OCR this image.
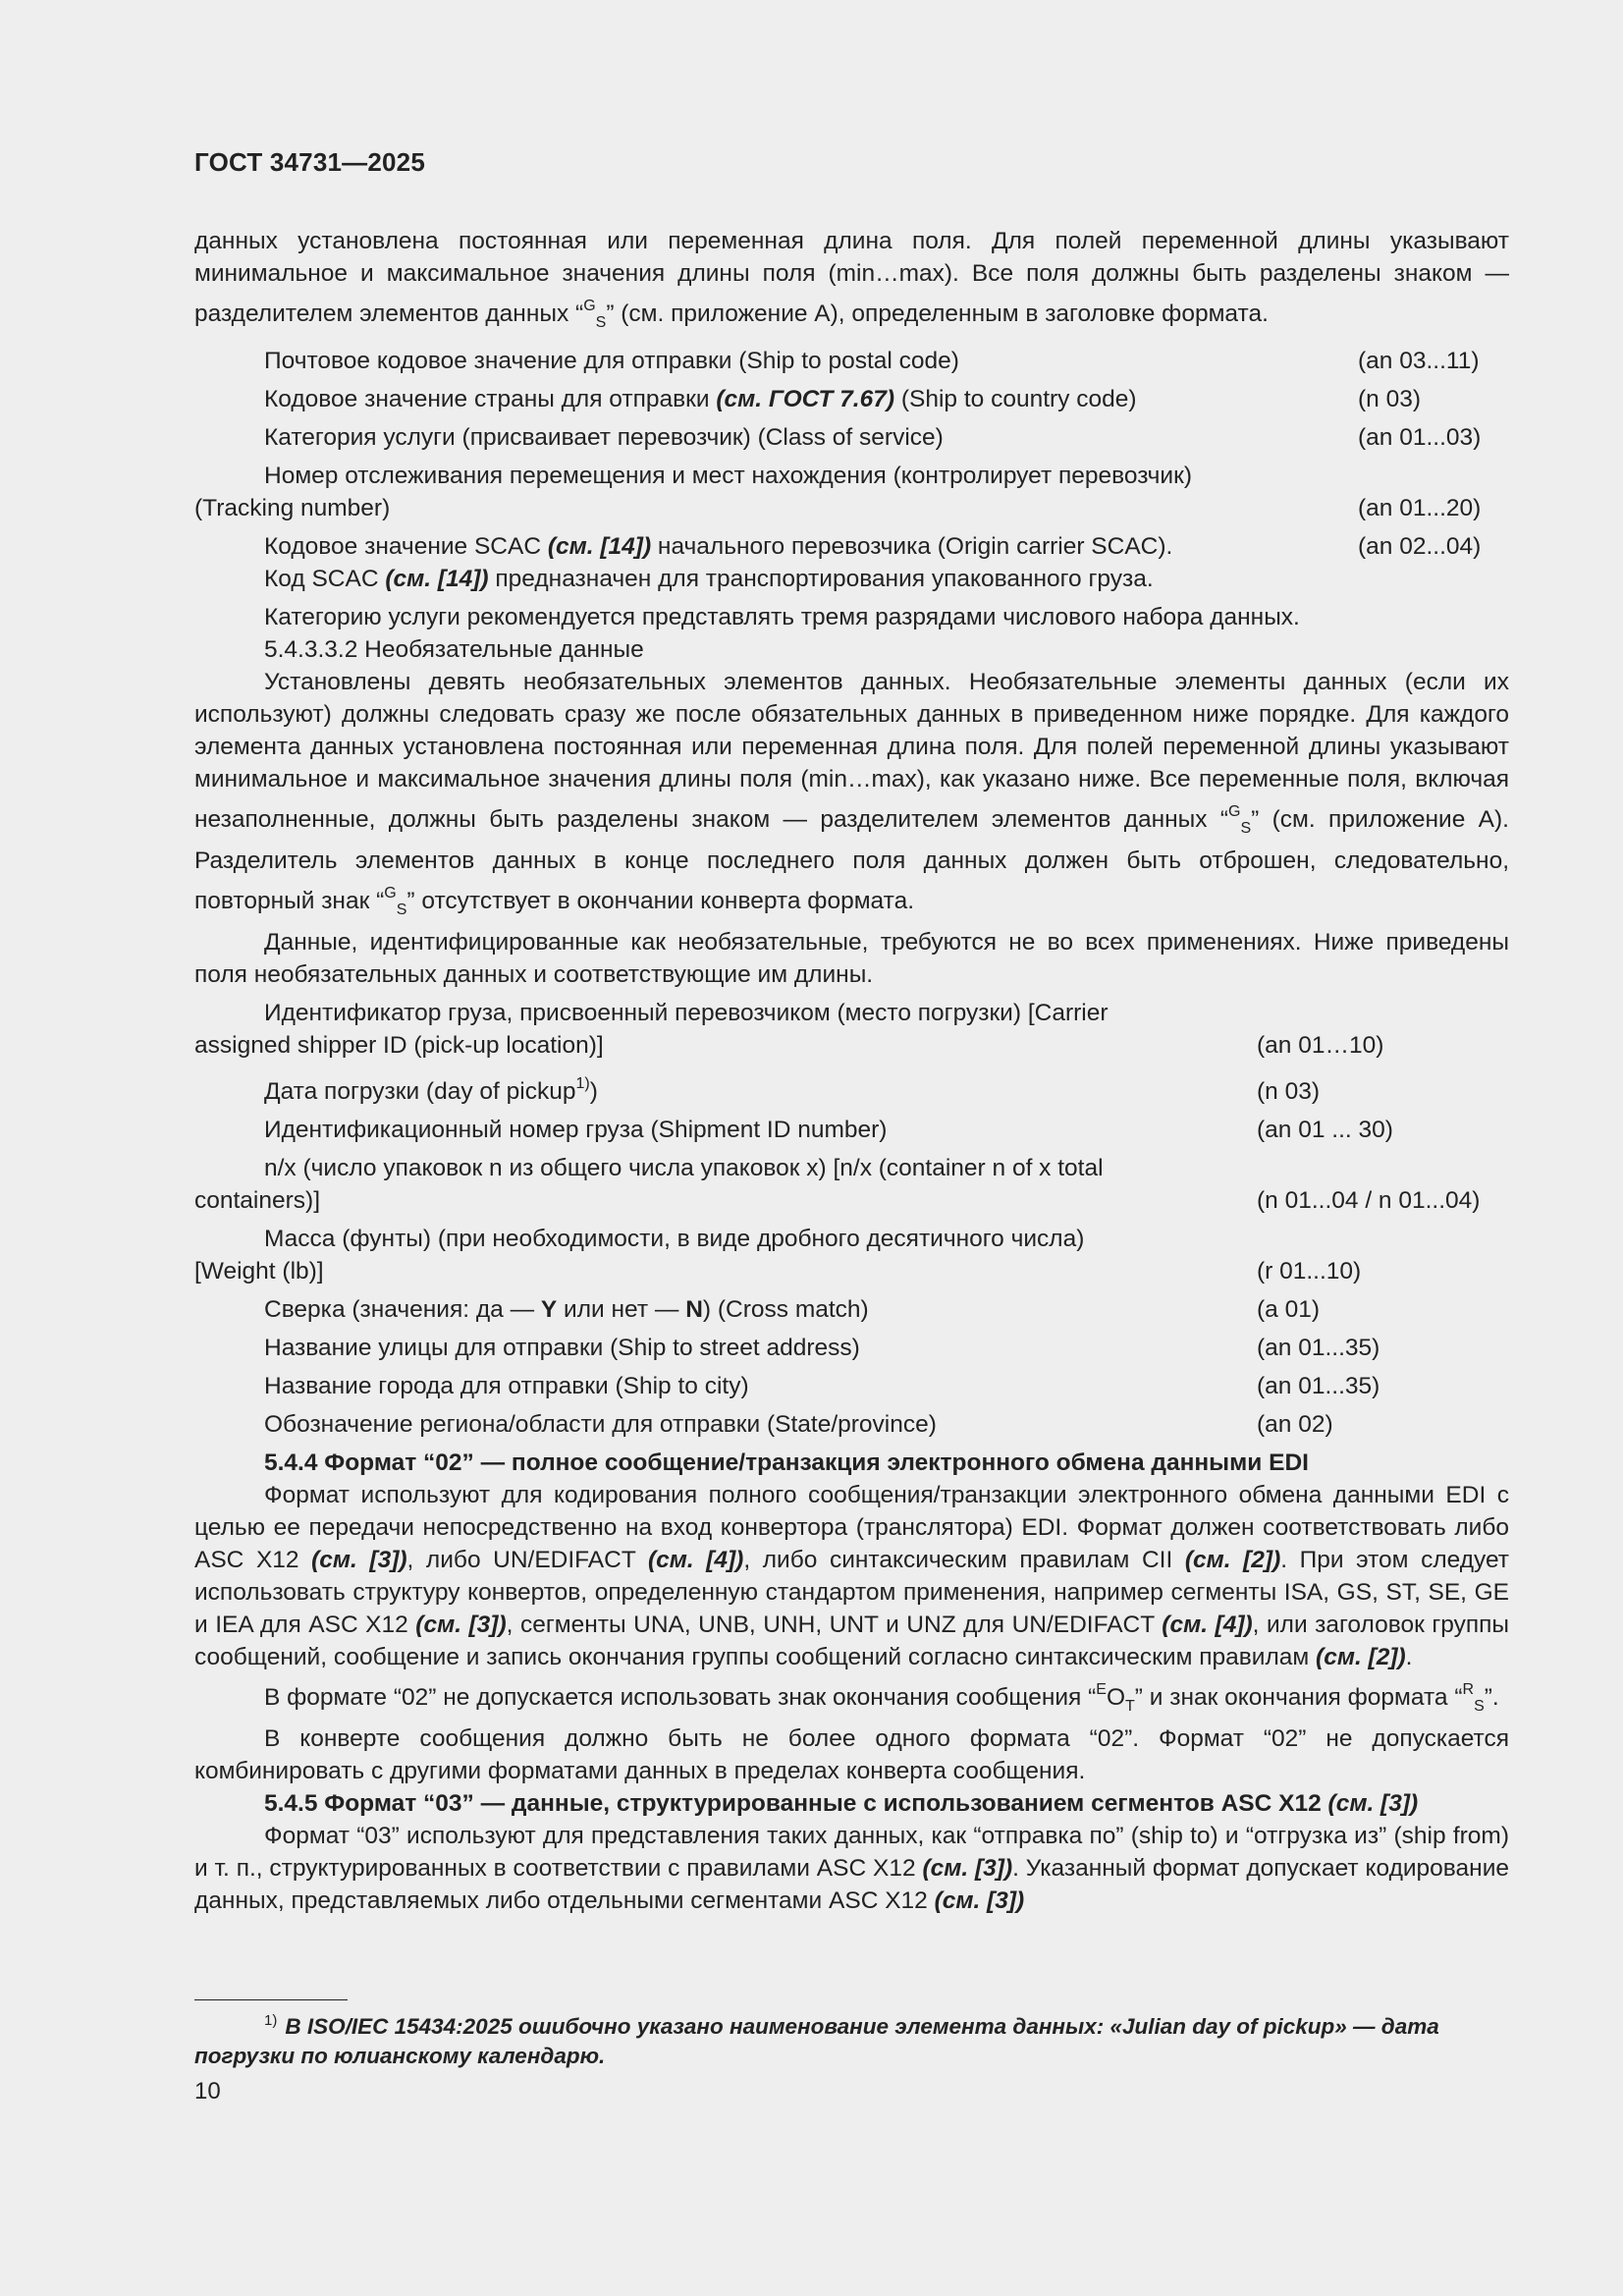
ГОСТ 34731—2025

данных установлена постоянная или переменная длина поля. Для полей переменной длины указывают минимальное и максимальное значения длины поля (min…max). Все поля должны быть разделены знаком — разделителем элементов данных “$^G_S$” (см. приложение А), определенным в заголовке формата.

Почтовое кодовое значение для отправки (Ship to postal code)	(an 03...11)
Кодовое значение страны для отправки (см. ГОСТ 7.67) (Ship to country code)	(n 03)
Категория услуги (присваивает перевозчик) (Class of service)	(an 01...03)
Номер отслеживания перемещения и мест нахождения (контролирует перевозчик)
(Tracking number)	(an 01...20)
Кодовое значение SCAC (см. [14]) начального перевозчика (Origin carrier SCAC).	(an 02...04)

Код SCAC (см. [14]) предназначен для транспортирования упакованного груза.

Категорию услуги рекомендуется представлять тремя разрядами числового набора данных.

5.4.3.3.2 Необязательные данные

Установлены девять необязательных элементов данных. Необязательные элементы данных (если их используют) должны следовать сразу же после обязательных данных в приведенном ниже порядке. Для каждого элемента данных установлена постоянная или переменная длина поля. Для полей переменной длины указывают минимальное и максимальное значения длины поля (min…max), как указано ниже. Все переменные поля, включая незаполненные, должны быть разделены знаком — разделителем элементов данных “$^G_S$” (см. приложение А). Разделитель элементов данных в конце последнего поля данных должен быть отброшен, следовательно, повторный знак “$^G_S$” отсутствует в окончании конверта формата.

Данные, идентифицированные как необязательные, требуются не во всех применениях. Ниже приведены поля необязательных данных и соответствующие им длины.

Идентификатор груза, присвоенный перевозчиком (место погрузки) [Carrier
assigned shipper ID (pick-up location)]	(an 01…10)
Дата погрузки (day of pickup$^{1)}$)	(n 03)
Идентификационный номер груза (Shipment ID number)	(an 01 ... 30)
n/x (число упаковок n из общего числа упаковок x) [n/x (container n of x total
containers)]	(n 01...04 / n 01...04)
Масса (фунты) (при необходимости, в виде дробного десятичного числа)
[Weight (lb)]	(r 01...10)
Сверка (значения: да — Y или нет — N) (Cross match)	(a 01)
Название улицы для отправки (Ship to street address)	(an 01...35)
Название города для отправки (Ship to city)	(an 01...35)
Обозначение региона/области для отправки (State/province)	(an 02)

5.4.4 Формат “02” — полное сообщение/транзакция электронного обмена данными EDI

Формат используют для кодирования полного сообщения/транзакции электронного обмена данными EDI с целью ее передачи непосредственно на вход конвертора (транслятора) EDI. Формат должен соответствовать либо ASC X12 (см. [3]), либо UN/EDIFACT (см. [4]), либо синтаксическим правилам CII (см. [2]). При этом следует использовать структуру конвертов, определенную стандартом применения, например сегменты ISA, GS, ST, SE, GE и IEA для ASC X12 (см. [3]), сегменты UNA, UNB, UNH, UNT и UNZ для UN/EDIFACT (см. [4]), или заголовок группы сообщений, сообщение и запись окончания группы сообщений согласно синтаксическим правилам (см. [2]).

В формате “02” не допускается использовать знак окончания сообщения “$^EO_T$” и знак окончания формата “$^R_S$”.

В конверте сообщения должно быть не более одного формата “02”. Формат “02” не допускается комбинировать с другими форматами данных в пределах конверта сообщения.

5.4.5 Формат “03” — данные, структурированные с использованием сегментов ASC X12 (см. [3])

Формат “03” используют для представления таких данных, как “отправка по” (ship to) и “отгрузка из” (ship from) и т. п., структурированных в соответствии с правилами ASC X12 (см. [3]). Указанный формат допускает кодирование данных, представляемых либо отдельными сегментами ASC X12 (см. [3])

$^{1)}$ В ISO/IEC 15434:2025 ошибочно указано наименование элемента данных: «Julian day of pickup» — дата погрузки по юлианскому календарю.
10
